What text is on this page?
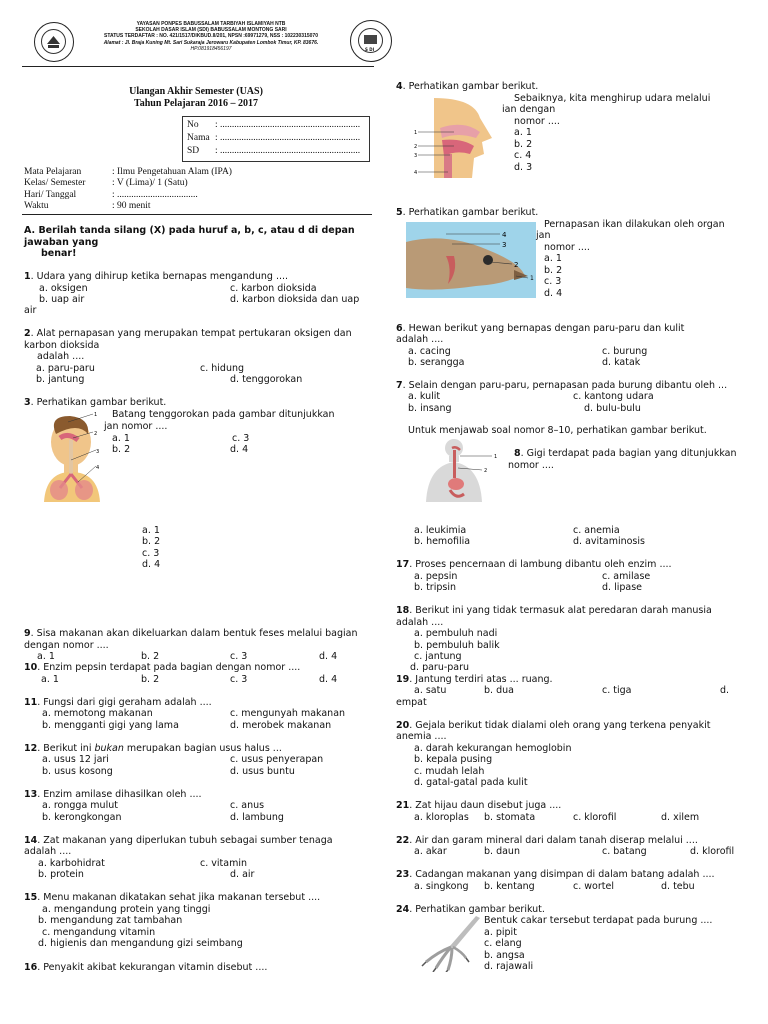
S DI
YAYASAN PONPES BABUSSALAM TARBIYAH ISLAMIYAH NTB
SEKOLAH DASAR ISLAM (SDI) BABUSSALAM MONTONG SARI
STATUS TERDAFTAR : NO. 421/1517/DIKBUD.II/201, NPSN :69971279, NSS : 102230315070
Alamat : Jl. Braja Kuning Mt. Sari Sukaraja Jerowaru Kabupaten Lombok Timur, KP. 83676.
HP.081918456197
Ulangan Akhir Semester (UAS)
Tahun Pelajaran 2016 – 2017
No : ...........................................................
Nama : ...........................................................
SD : ...........................................................
Mata Pelajaran	: Ilmu Pengetahuan Alam (IPA)
Kelas/ Semester	: V (Lima)/ 1 (Satu)
Hari/ Tanggal	: ..................................
Waktu	: 90 menit
A. Berilah tanda silang (X) pada huruf a, b, c, atau d di depan
jawaban yang
benar!
1. Udara yang dihirup ketika bernapas mengandung ....
a. oksigen	c. karbon dioksida
b. uap air	d. karbon dioksida dan uap
air
2. Alat pernapasan yang merupakan tempat pertukaran oksigen dan
karbon dioksida
adalah ....
a. paru-paru	c. hidung
b. jantung	d. tenggorokan
3. Perhatikan gambar berikut.
1
2
3
4
Batang tenggorokan pada gambar ditunjukkan
jan nomor ....
a. 1	c. 3
b. 2	d. 4
a. 1
b. 2
c. 3
d. 4
9. Sisa makanan akan dikeluarkan dalam bentuk feses melalui bagian
dengan nomor ....
a. 1	b. 2	c. 3	d. 4
10. Enzim pepsin terdapat pada bagian dengan nomor ....
a. 1	b. 2	c. 3	d. 4
11. Fungsi dari gigi geraham adalah ....
a. memotong makanan	c. mengunyah makanan
b. mengganti gigi yang lama	d. merobek makanan
12. Berikut ini bukan merupakan bagian usus halus ...
a. usus 12 jari	c. usus penyerapan
b. usus kosong	d. usus buntu
13. Enzim amilase dihasilkan oleh ....
a. rongga mulut	c. anus
b. kerongkongan	d. lambung
14. Zat makanan yang diperlukan tubuh sebagai sumber tenaga
adalah ....
a. karbohidrat	c. vitamin
b. protein	d. air
15. Menu makanan dikatakan sehat jika makanan tersebut ....
a. mengandung protein yang tinggi
b. mengandung zat tambahan
c. mengandung vitamin
d. higienis dan mengandung gizi seimbang
16. Penyakit akibat kekurangan vitamin disebut ....
4. Perhatikan gambar berikut.
1
2
3
4
Sebaiknya, kita menghirup udara melalui
ian dengan
nomor ....
a. 1
b. 2
c. 4
d. 3
5. Perhatikan gambar berikut.
4
3
2
1
Pernapasan ikan dilakukan oleh organ
jan
nomor ....
a. 1
b. 2
c. 3
d. 4
6. Hewan berikut yang bernapas dengan paru-paru dan kulit
adalah ....
a. cacing	c. burung
b. serangga	d. katak
7. Selain dengan paru-paru, pernapasan pada burung dibantu oleh ...
a. kulit	c. kantong udara
b. insang	d. bulu-bulu
Untuk menjawab soal nomor 8–10, perhatikan gambar berikut.
1
2
8. Gigi terdapat pada bagian yang ditunjukkan
nomor ....
a. leukimia	c. anemia
b. hemofilia	d. avitaminosis
17. Proses pencernaan di lambung dibantu oleh enzim ....
a. pepsin	c. amilase
b. tripsin	d. lipase
18. Berikut ini yang tidak termasuk alat peredaran darah manusia
adalah ....
a. pembuluh nadi
b. pembuluh balik
c. jantung
d. paru-paru
19. Jantung terdiri atas ... ruang.
a. satu	b. dua	c. tiga	d.
empat
20. Gejala berikut tidak dialami oleh orang yang terkena penyakit
anemia ....
a. darah kekurangan hemoglobin
b. kepala pusing
c. mudah lelah
d. gatal-gatal pada kulit
21. Zat hijau daun disebut juga ....
a. kloroplas b. stomata	c. klorofil	d. xilem
22. Air dan garam mineral dari dalam tanah diserap melalui ....
a. akar	b. daun	c. batang	d. klorofil
23. Cadangan makanan yang disimpan di dalam batang adalah ....
a. singkong b. kentang	c. wortel	d. tebu
24. Perhatikan gambar berikut.
Bentuk cakar tersebut terdapat pada burung ....
a. pipit
c. elang
b. angsa
d. rajawali
